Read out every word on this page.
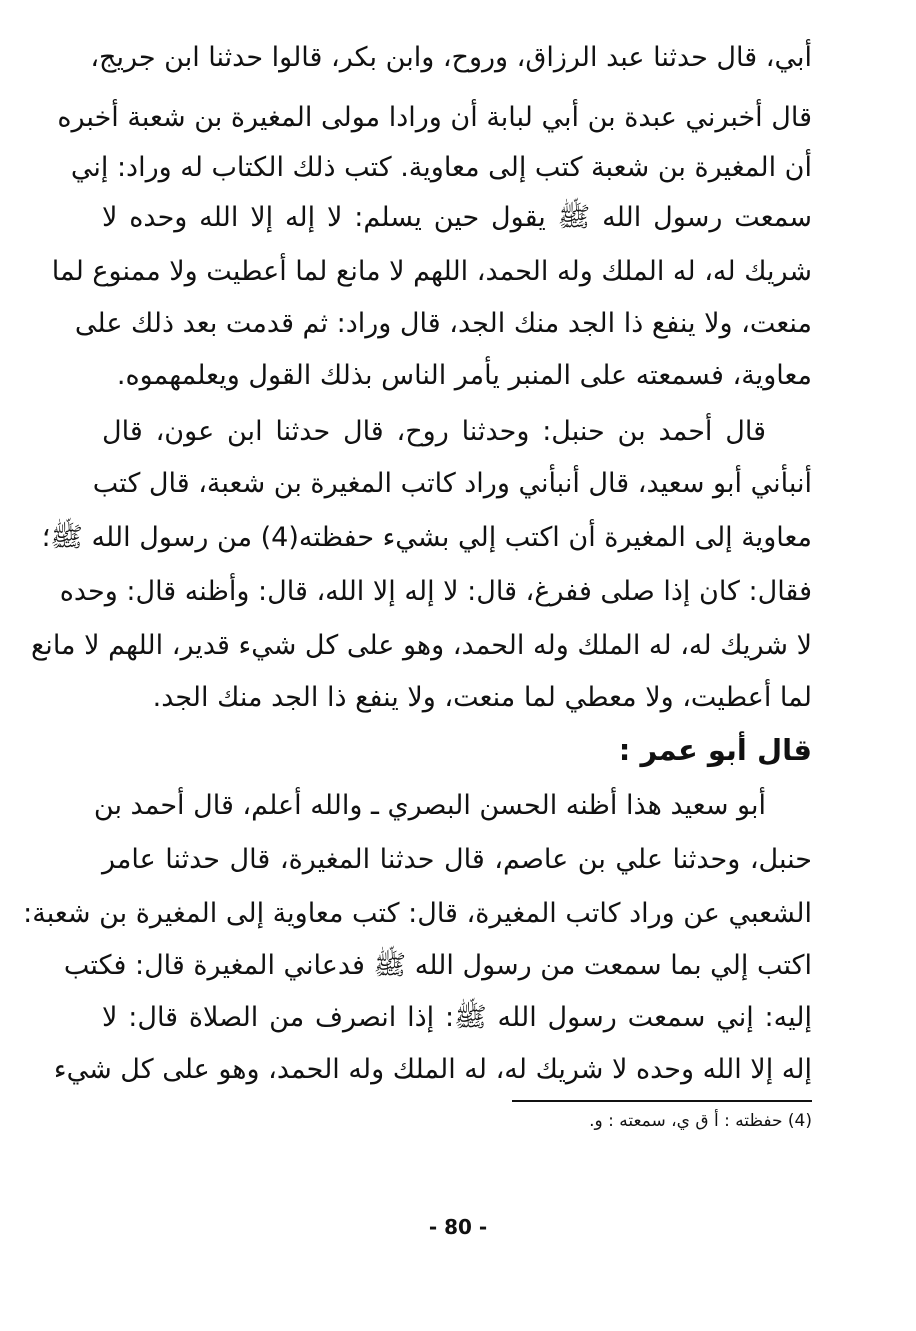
أبي، قال حدثنا عبد الرزاق، وروح، وابن بكر، قالوا حدثنا ابن جريج،
قال أخبرني عبدة بن أبي لبابة أن ورادا مولى المغيرة بن شعبة أخبره
أن المغيرة بن شعبة كتب إلى معاوية. كتب ذلك الكتاب له وراد: إني
سمعت رسول الله ﷺ يقول حين يسلم: لا إله إلا الله وحده لا
شريك له، له الملك وله الحمد، اللهم لا مانع لما أعطيت ولا ممنوع لما
منعت، ولا ينفع ذا الجد منك الجد، قال وراد: ثم قدمت بعد ذلك على
معاوية، فسمعته على المنبر يأمر الناس بذلك القول ويعلمهموه.
قال أحمد بن حنبل: وحدثنا روح، قال حدثنا ابن عون، قال
أنبأني أبو سعيد، قال أنبأني وراد كاتب المغيرة بن شعبة، قال كتب
معاوية إلى المغيرة أن اكتب إلي بشيء حفظته(4) من رسول الله ﷺ؛
فقال: كان إذا صلى ففرغ، قال: لا إله إلا الله، قال: وأظنه قال: وحده
لا شريك له، له الملك وله الحمد، وهو على كل شيء قدير، اللهم لا مانع
لما أعطيت، ولا معطي لما منعت، ولا ينفع ذا الجد منك الجد.
قال أبو عمر :
أبو سعيد هذا أظنه الحسن البصري ـ والله أعلم، قال أحمد بن
حنبل، وحدثنا علي بن عاصم، قال حدثنا المغيرة، قال حدثنا عامر
الشعبي عن وراد كاتب المغيرة، قال: كتب معاوية إلى المغيرة بن شعبة:
اكتب إلي بما سمعت من رسول الله ﷺ فدعاني المغيرة قال: فكتب
إليه: إني سمعت رسول الله ﷺ: إذا انصرف من الصلاة قال: لا
إله إلا الله وحده لا شريك له، له الملك وله الحمد، وهو على كل شيء
(4) حفظته : أ ق ي، سمعته : و.
- 80 -
